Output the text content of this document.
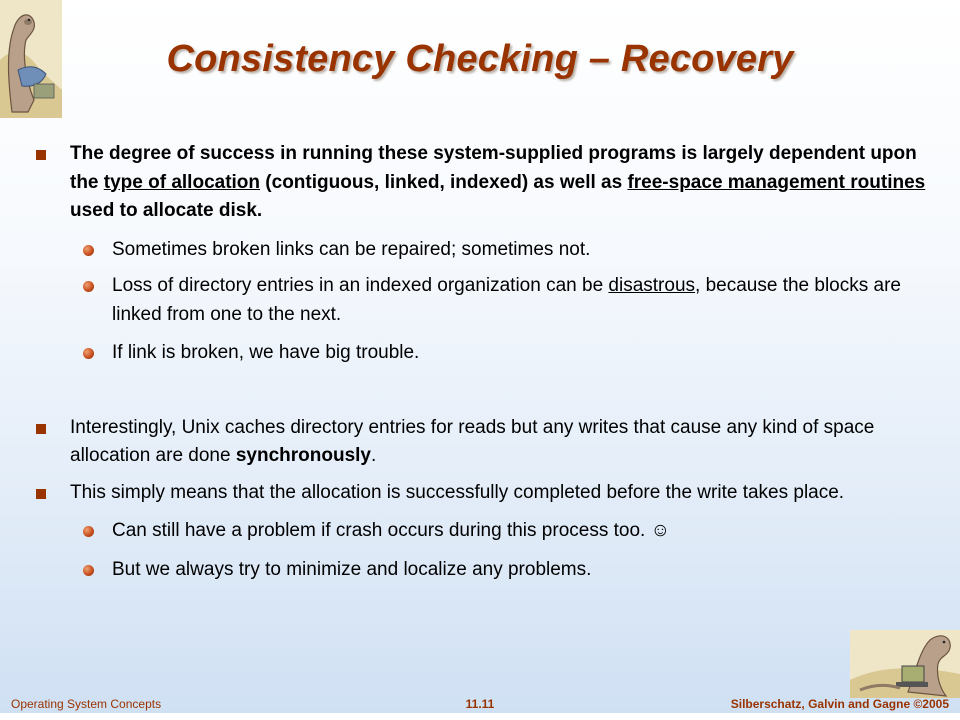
Consistency Checking – Recovery
The degree of success in running these system-supplied programs is largely dependent upon the type of allocation (contiguous, linked, indexed) as well as free-space management routines used to allocate disk.
Sometimes broken links can be repaired; sometimes not.
Loss of directory entries in an indexed organization can be disastrous, because the blocks are linked from one to the next.
If link is broken, we have big trouble.
Interestingly, Unix caches directory entries for reads but any writes that cause any kind of space allocation are done synchronously.
This simply means that the allocation is successfully completed before the write takes place.
Can still have a problem if crash occurs during this process too. ☺
But we always try to minimize and localize any problems.
Operating System Concepts	11.11	Silberschatz, Galvin and Gagne ©2005
